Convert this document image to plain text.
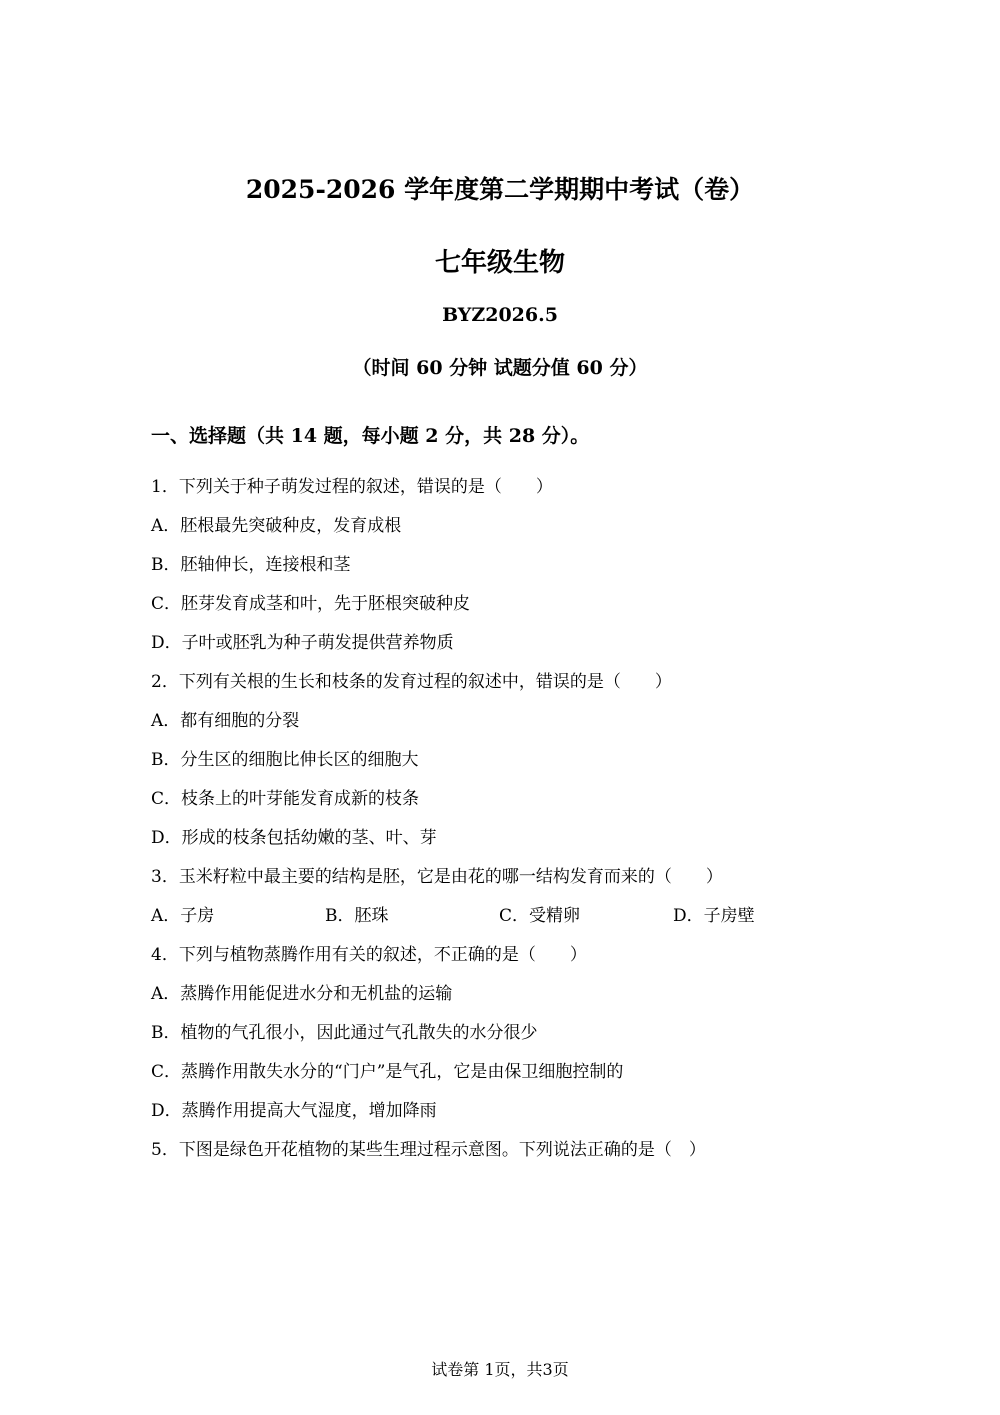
2025-2026 学年度第二学期期中考试（卷）
七年级生物
BYZ2026.5
（时间 60 分钟 试题分值 60 分）
一、选择题（共 14 题，每小题 2 分，共 28 分）。
1．下列关于种子萌发过程的叙述，错误的是（　　）
A．胚根最先突破种皮，发育成根
B．胚轴伸长，连接根和茎
C．胚芽发育成茎和叶，先于胚根突破种皮
D．子叶或胚乳为种子萌发提供营养物质
2．下列有关根的生长和枝条的发育过程的叙述中，错误的是（　　）
A．都有细胞的分裂
B．分生区的细胞比伸长区的细胞大
C．枝条上的叶芽能发育成新的枝条
D．形成的枝条包括幼嫩的茎、叶、芽
3．玉米籽粒中最主要的结构是胚，它是由花的哪一结构发育而来的（　　）
A．子房	B．胚珠	C．受精卵	D．子房壁
4．下列与植物蒸腾作用有关的叙述，不正确的是（　　）
A．蒸腾作用能促进水分和无机盐的运输
B．植物的气孔很小，因此通过气孔散失的水分很少
C．蒸腾作用散失水分的“门户”是气孔，它是由保卫细胞控制的
D．蒸腾作用提高大气湿度，增加降雨
5．下图是绿色开花植物的某些生理过程示意图。下列说法正确的是（　）
试卷第 1页，共3页
